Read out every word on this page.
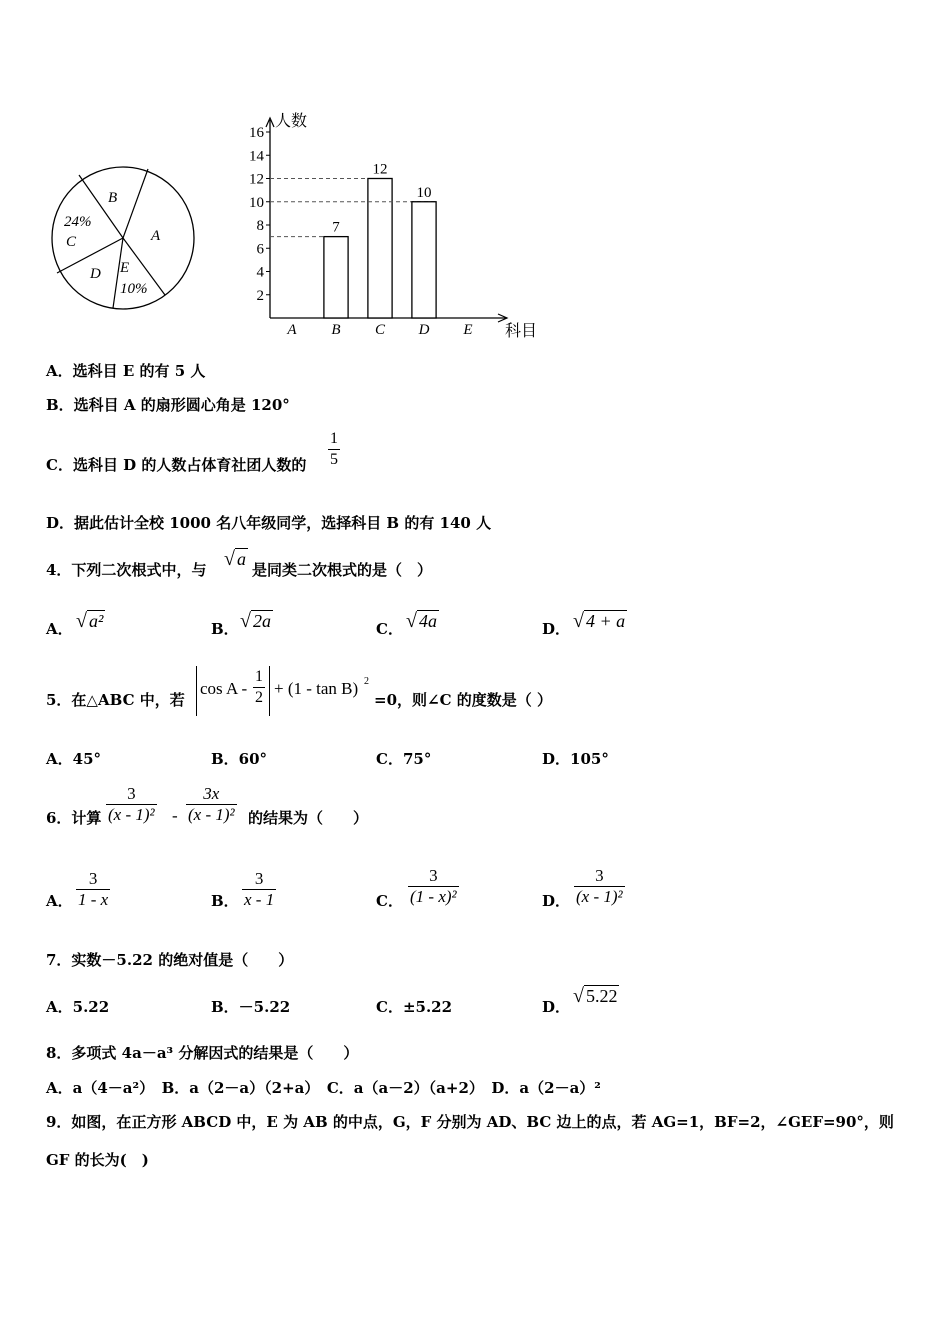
B
A
24%
C
D E
10%
人数
科目
2
4
6
8
10
12
14
16
A B
7
C
12
D
10
E
A．选科目 E 的有 5 人
B．选科目 A 的扇形圆心角是 120°
C．选科目 D 的人数占体育社团人数的 $\frac{1}{5}$
D．据此估计全校 1000 名八年级同学，选择科目 B 的有 140 人
4．下列二次根式中，与 √ a
是同类二次根式的是（　）
A． √ a²	B． √ 2a	C． √ 4a	D． √ 4 + a
5．在△ABC 中，若
$\cos A - \frac{1}{2} + (1 - \tan B)$ 2
=0，则∠C 的度数是（ ）
A．45°	B．60°	C．75°	D．105°
6．计算 $\frac{3}{\text{(x - 1)²}} - \frac{3x}{\text{(x - 1)²}}$ 的结果为（　　）
A． $\frac{3}{1 - x}$	B． $\frac{3}{x - 1}$	C． $\frac{3}{\text{(1 - x)²}}$	D． $\frac{3}{\text{(x - 1)²}}$
7．实数－5.22 的绝对值是（　　）
A．5.22	B．－5.22	C．±5.22	D． √ 5.22
8．多项式 4a－a³ 分解因式的结果是（　　）
A．a（4－a²）　B．a（2－a）（2+a）　C．a（a－2）（a+2）　D．a（2－a）²
9．如图，在正方形 ABCD 中，E 为 AB 的中点，G，F 分别为 AD、BC 边上的点，若 AG=1，BF=2，∠GEF=90°，则
GF 的长为(　)
